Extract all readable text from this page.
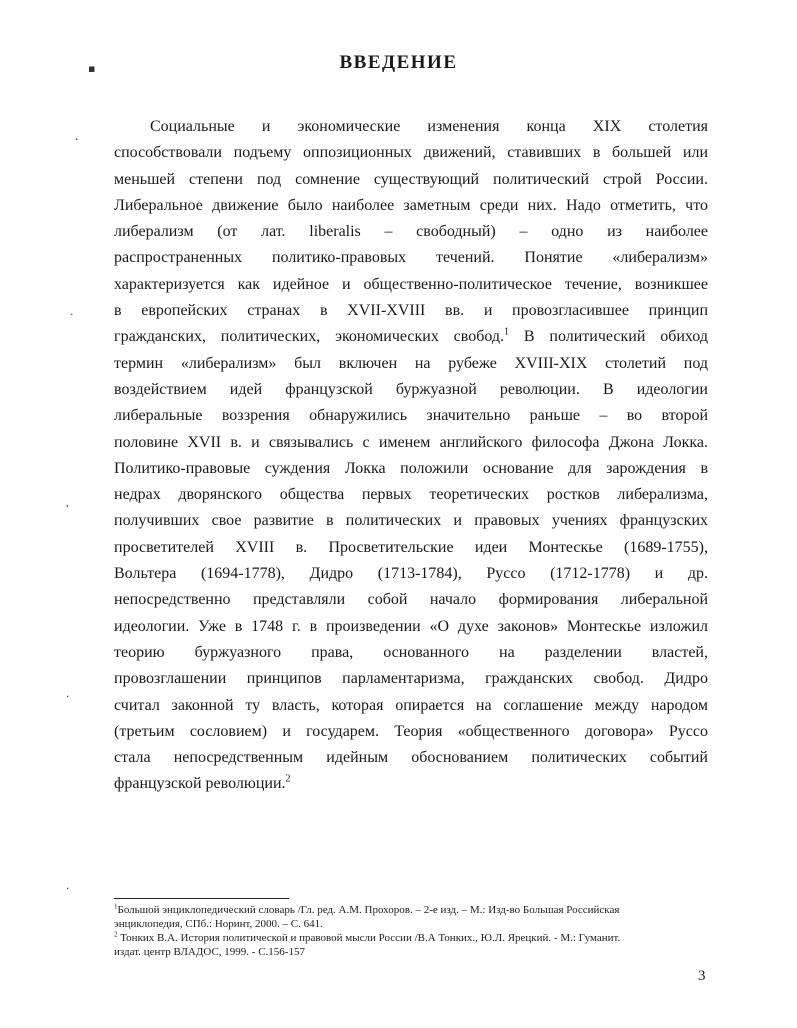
ВВЕДЕНИЕ
Социальные и экономические изменения конца XIX столетия
способствовали подъему оппозиционных движений, ставивших в большей или
меньшей степени под сомнение существующий политический строй России.
Либеральное движение было наиболее заметным среди них. Надо отметить, что
либерализм (от лат. liberalis – свободный) – одно из наиболее
распространенных политико-правовых течений. Понятие «либерализм»
характеризуется как идейное и общественно-политическое течение, возникшее
в европейских странах в XVII-XVIII вв. и провозгласившее принцип
гражданских, политических, экономических свобод.$^1$ В политический обиход
термин «либерализм» был включен на рубеже XVIII-XIX столетий под
воздействием идей французской буржуазной революции. В идеологии
либеральные воззрения обнаружились значительно раньше – во второй
половине XVII в. и связывались с именем английского философа Джона Локка.
Политико-правовые суждения Локка положили основание для зарождения в
недрах дворянского общества первых теоретических ростков либерализма,
получивших свое развитие в политических и правовых учениях французских
просветителей XVIII в. Просветительские идеи Монтескье (1689-1755),
Вольтера (1694-1778), Дидро (1713-1784), Руссо (1712-1778) и др.
непосредственно представляли собой начало формирования либеральной
идеологии. Уже в 1748 г. в произведении «О духе законов» Монтескье изложил
теорию буржуазного права, основанного на разделении властей,
провозглашении принципов парламентаризма, гражданских свобод. Дидро
считал законной ту власть, которая опирается на соглашение между народом
(третьим сословием) и государем. Теория «общественного договора» Руссо
стала непосредственным идейным обоснованием политических событий
французской революции.$^2$
$^1$Большой энциклопедический словарь /Гл. ред. А.М. Прохоров. – 2-е изд. – М.: Изд-во Большая Российская
энциклопедия, СПб.: Норинт, 2000. – С. 641.
$^2$ Тонких В.А. История политической и правовой мысли России /В.А Тонких., Ю.Л. Ярецкий. - М.: Гуманит.
издат. центр ВЛАДОС, 1999. - С.156-157
3
▪
˛
·
˒
·
·
